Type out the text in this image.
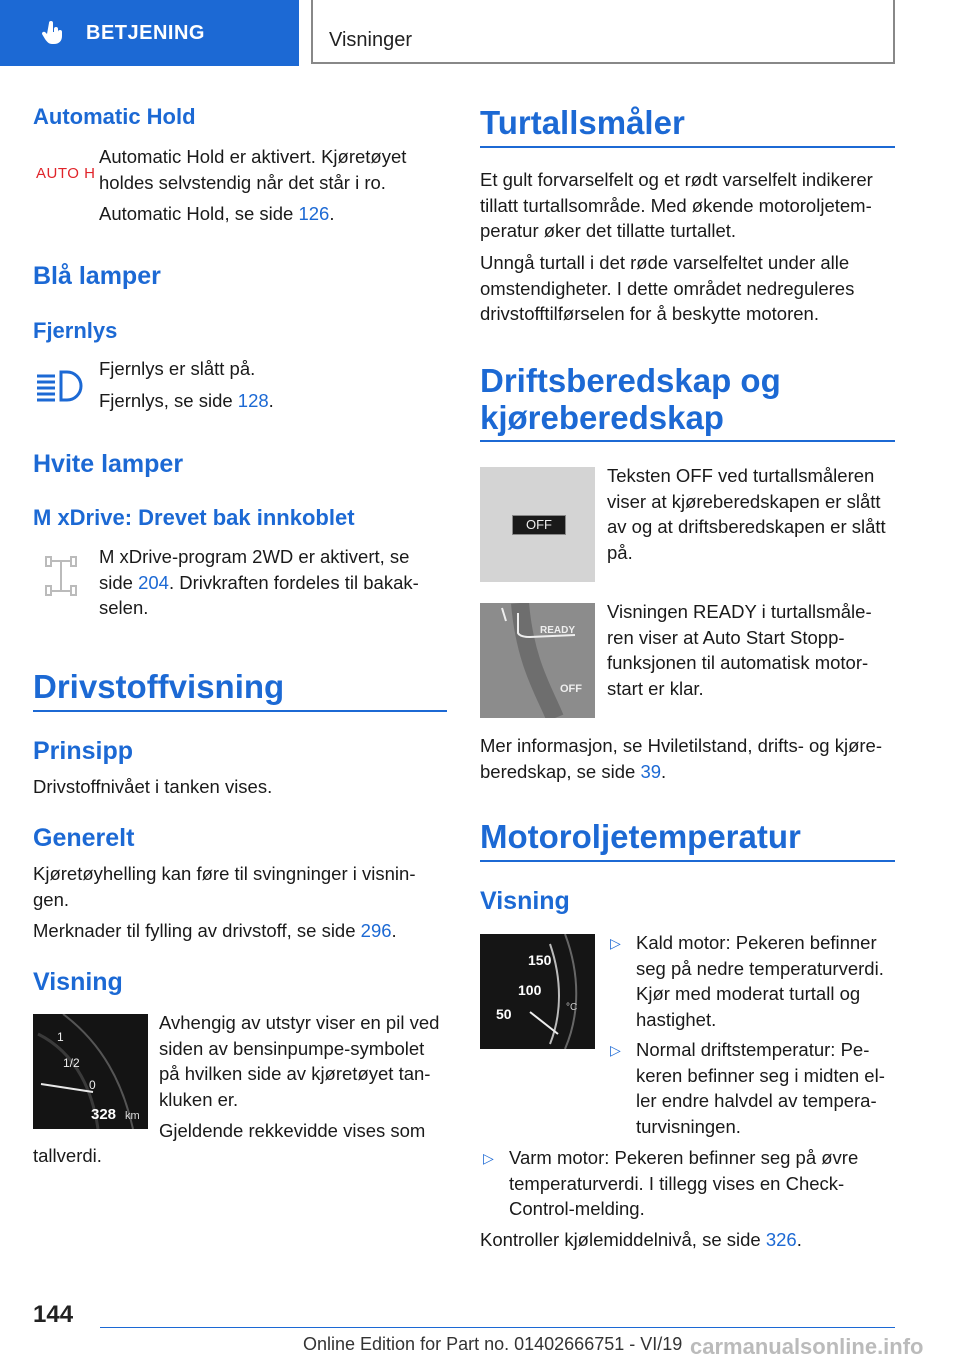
BETJENING	Visninger
Automatic Hold
AUTO H
Automatic Hold er aktivert. Kjøretøyet
holdes selvstendig når det står i ro.
Automatic Hold, se side 126.
Blå lamper
Fjernlys
Fjernlys er slått på.
Fjernlys, se side 128.
Hvite lamper
M xDrive: Drevet bak innkoblet
M xDrive-program 2WD er aktivert, se
side 204. Drivkraften fordeles til bakak-
selen.
Drivstoffvisning
Prinsipp
Drivstoffnivået i tanken vises.
Generelt
Kjøretøyhelling kan føre til svingninger i visnin-
gen.
Merknader til fylling av drivstoff, se side 296.
Visning
1
1/2
0
328 km
Avhengig av utstyr viser en pil ved
siden av bensinpumpe-symbolet
på hvilken side av kjøretøyet tan-
kluken er.
Gjeldende rekkevidde vises som
tallverdi.
Turtallsmåler
Et gult forvarselfelt og et rødt varselfelt indikerer
tillatt turtallsområde. Med økende motoroljetem-
peratur øker det tillatte turtallet.
Unngå turtall i det røde varselfeltet under alle
omstendigheter. I dette området nedreguleres
drivstofftilførselen for å beskytte motoren.
Driftsberedskap og
kjøreberedskap
OFF
Teksten OFF ved turtallsmåleren
viser at kjøreberedskapen er slått
av og at driftsberedskapen er slått
på.
READY
OFF
Visningen READY i turtallsmåle-
ren viser at Auto Start Stopp-
funksjonen til automatisk motor-
start er klar.
Mer informasjon, se Hviletilstand, drifts- og kjøre-
beredskap, se side 39.
Motoroljetemperatur
Visning
150
100
50	°C
▷ Kald motor: Pekeren befinner
seg på nedre temperaturverdi.
Kjør med moderat turtall og
hastighet.
▷ Normal driftstemperatur: Pe-
keren befinner seg i midten el-
ler endre halvdel av tempera-
turvisningen.
▷ Varm motor: Pekeren befinner seg på øvre
temperaturverdi. I tillegg vises en Check-
Control-melding.
Kontroller kjølemiddelnivå, se side 326.
144
Online Edition for Part no. 01402666751 - VI/19 carmanualsonline.info
